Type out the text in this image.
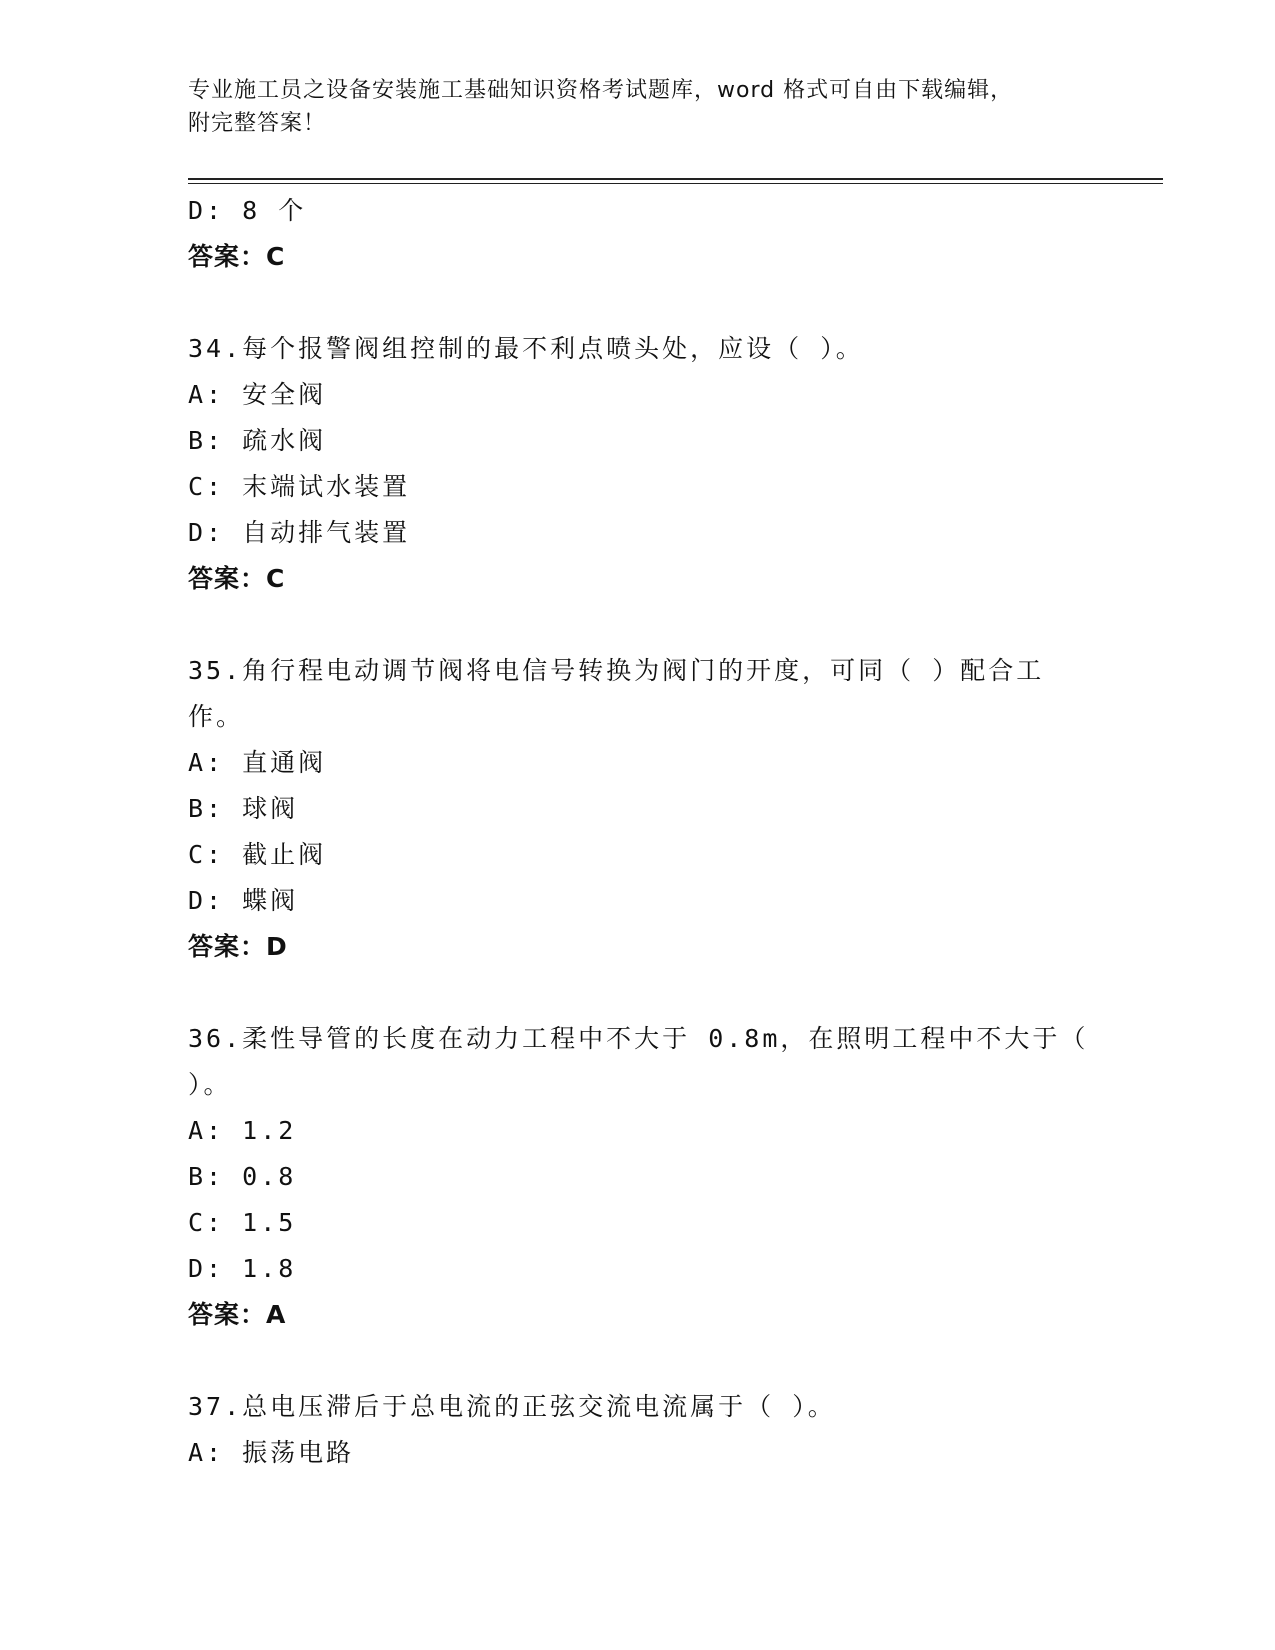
专业施工员之设备安装施工基础知识资格考试题库，word 格式可自由下载编辑，
附完整答案！
D: 8 个
答案：C
34.每个报警阀组控制的最不利点喷头处，应设（ ）。
A: 安全阀
B: 疏水阀
C: 末端试水装置
D: 自动排气装置
答案：C
35.角行程电动调节阀将电信号转换为阀门的开度，可同（ ）配合工
作。
A: 直通阀
B: 球阀
C: 截止阀
D: 蝶阀
答案：D
36.柔性导管的长度在动力工程中不大于 0.8m，在照明工程中不大于（
）。
A: 1.2
B: 0.8
C: 1.5
D: 1.8
答案：A
37.总电压滞后于总电流的正弦交流电流属于（ ）。
A: 振荡电路
